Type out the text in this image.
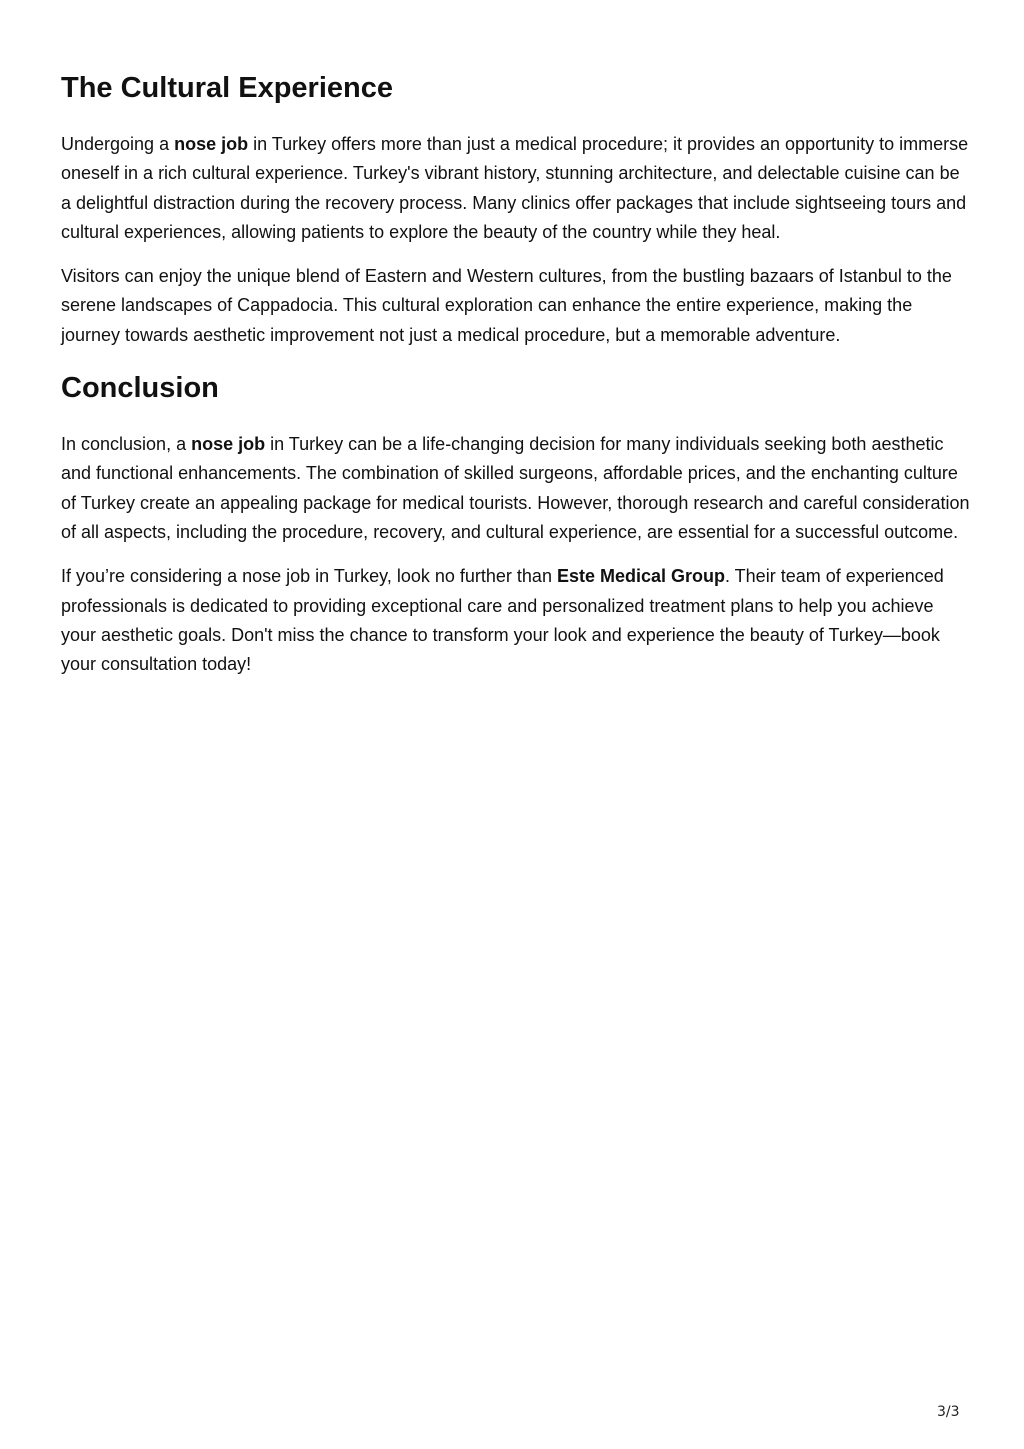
The Cultural Experience

Undergoing a nose job in Turkey offers more than just a medical procedure; it provides an opportunity to immerse oneself in a rich cultural experience. Turkey's vibrant history, stunning architecture, and delectable cuisine can be a delightful distraction during the recovery process. Many clinics offer packages that include sightseeing tours and cultural experiences, allowing patients to explore the beauty of the country while they heal.

Visitors can enjoy the unique blend of Eastern and Western cultures, from the bustling bazaars of Istanbul to the serene landscapes of Cappadocia. This cultural exploration can enhance the entire experience, making the journey towards aesthetic improvement not just a medical procedure, but a memorable adventure.

Conclusion

In conclusion, a nose job in Turkey can be a life-changing decision for many individuals seeking both aesthetic and functional enhancements. The combination of skilled surgeons, affordable prices, and the enchanting culture of Turkey create an appealing package for medical tourists. However, thorough research and careful consideration of all aspects, including the procedure, recovery, and cultural experience, are essential for a successful outcome.

If you’re considering a nose job in Turkey, look no further than Este Medical Group. Their team of experienced professionals is dedicated to providing exceptional care and personalized treatment plans to help you achieve your aesthetic goals. Don't miss the chance to transform your look and experience the beauty of Turkey—book your consultation today!

3/3
